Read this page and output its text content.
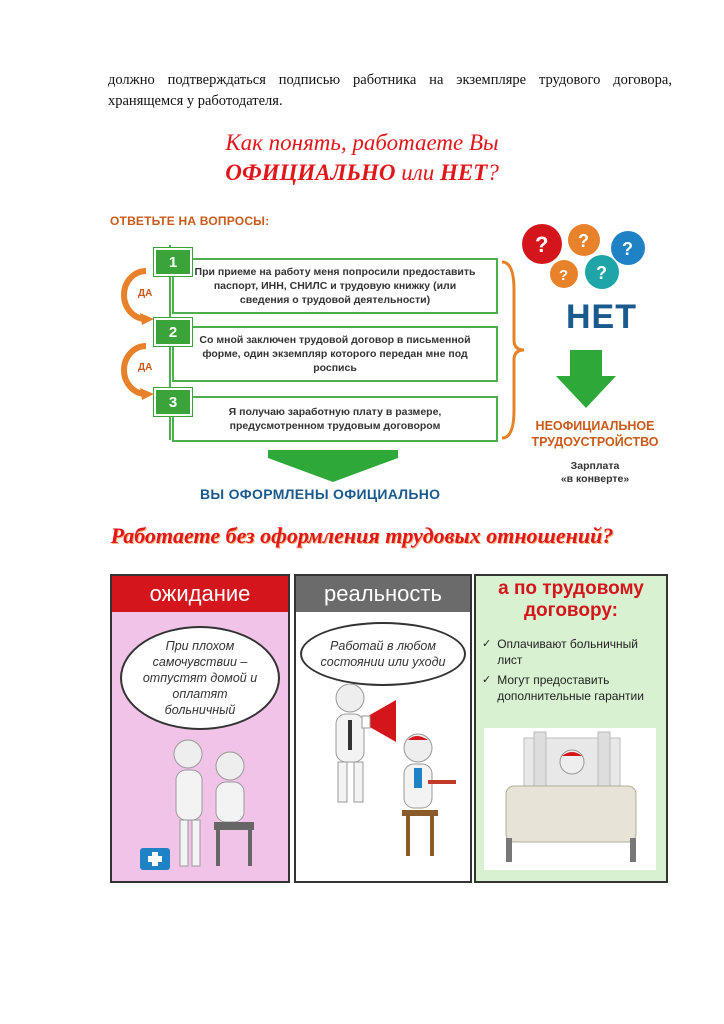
должно подтверждаться подписью работника на экземпляре трудового договора, хранящемся у работодателя.
Как понять, работаете Вы
ОФИЦИАЛЬНО или НЕТ?
ОТВЕТЬТЕ НА ВОПРОСЫ:
При приеме на работу меня попросили предоставить паспорт, ИНН, СНИЛС и трудовую книжку (или сведения о трудовой деятельности)
1
Со мной заключен трудовой договор в письменной форме, один экземпляр которого передан мне под роспись
2
Я получаю заработную плату в размере, предусмотренном трудовым договором
3
ДА
ДА
? ? ?
? ?
НЕТ
НЕОФИЦИАЛЬНОЕ ТРУДОУСТРОЙСТВО
Зарплата
«в конверте»
ВЫ ОФОРМЛЕНЫ ОФИЦИАЛЬНО
Работаете без оформления трудовых отношений?
ожидание
При плохом самочувствии – отпустят домой и оплатят больничный
реальность
Работай в любом состоянии или уходи
а по трудовому договору:
✓ Оплачивают больничный лист
✓ Могут предоставить дополнительные гарантии
